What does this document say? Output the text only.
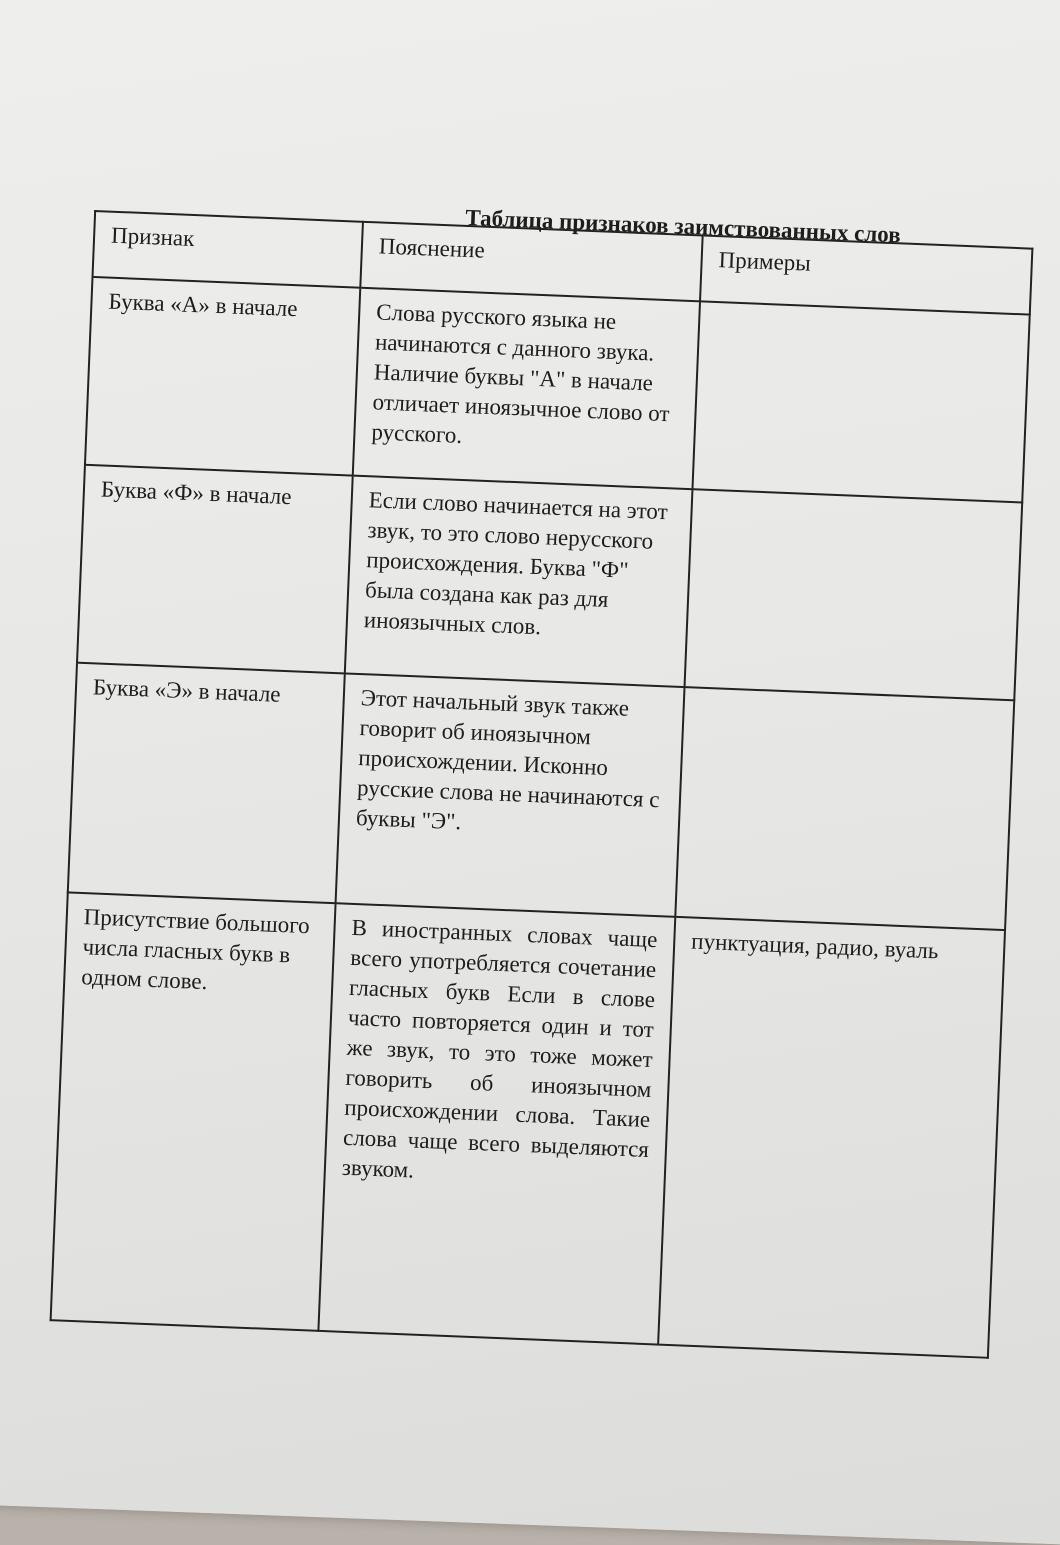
Таблица признаков заимствованных слов
Признак	Пояснение	Примеры
Буква «А» в начале	Слова русского языка не начинаются с данного звука. Наличие буквы "А" в начале отличает иноязычное слово от русского.	
Буква «Ф» в начале	Если слово начинается на этот звук, то это слово нерусского происхождения. Буква "Ф" была создана как раз для иноязычных слов.	
Буква «Э» в начале	Этот начальный звук также говорит об иноязычном происхождении. Исконно русские слова не начинаются с буквы "Э".	
Присутствие большого числа гласных букв в одном слове.	В иностранных словах чаще всего употребляется сочетание гласных букв Если в слове часто повторяется один и тот же звук, то это тоже может говорить об иноязычном происхождении слова. Такие слова чаще всего выделяются звуком.	пунктуация, радио, вуаль
